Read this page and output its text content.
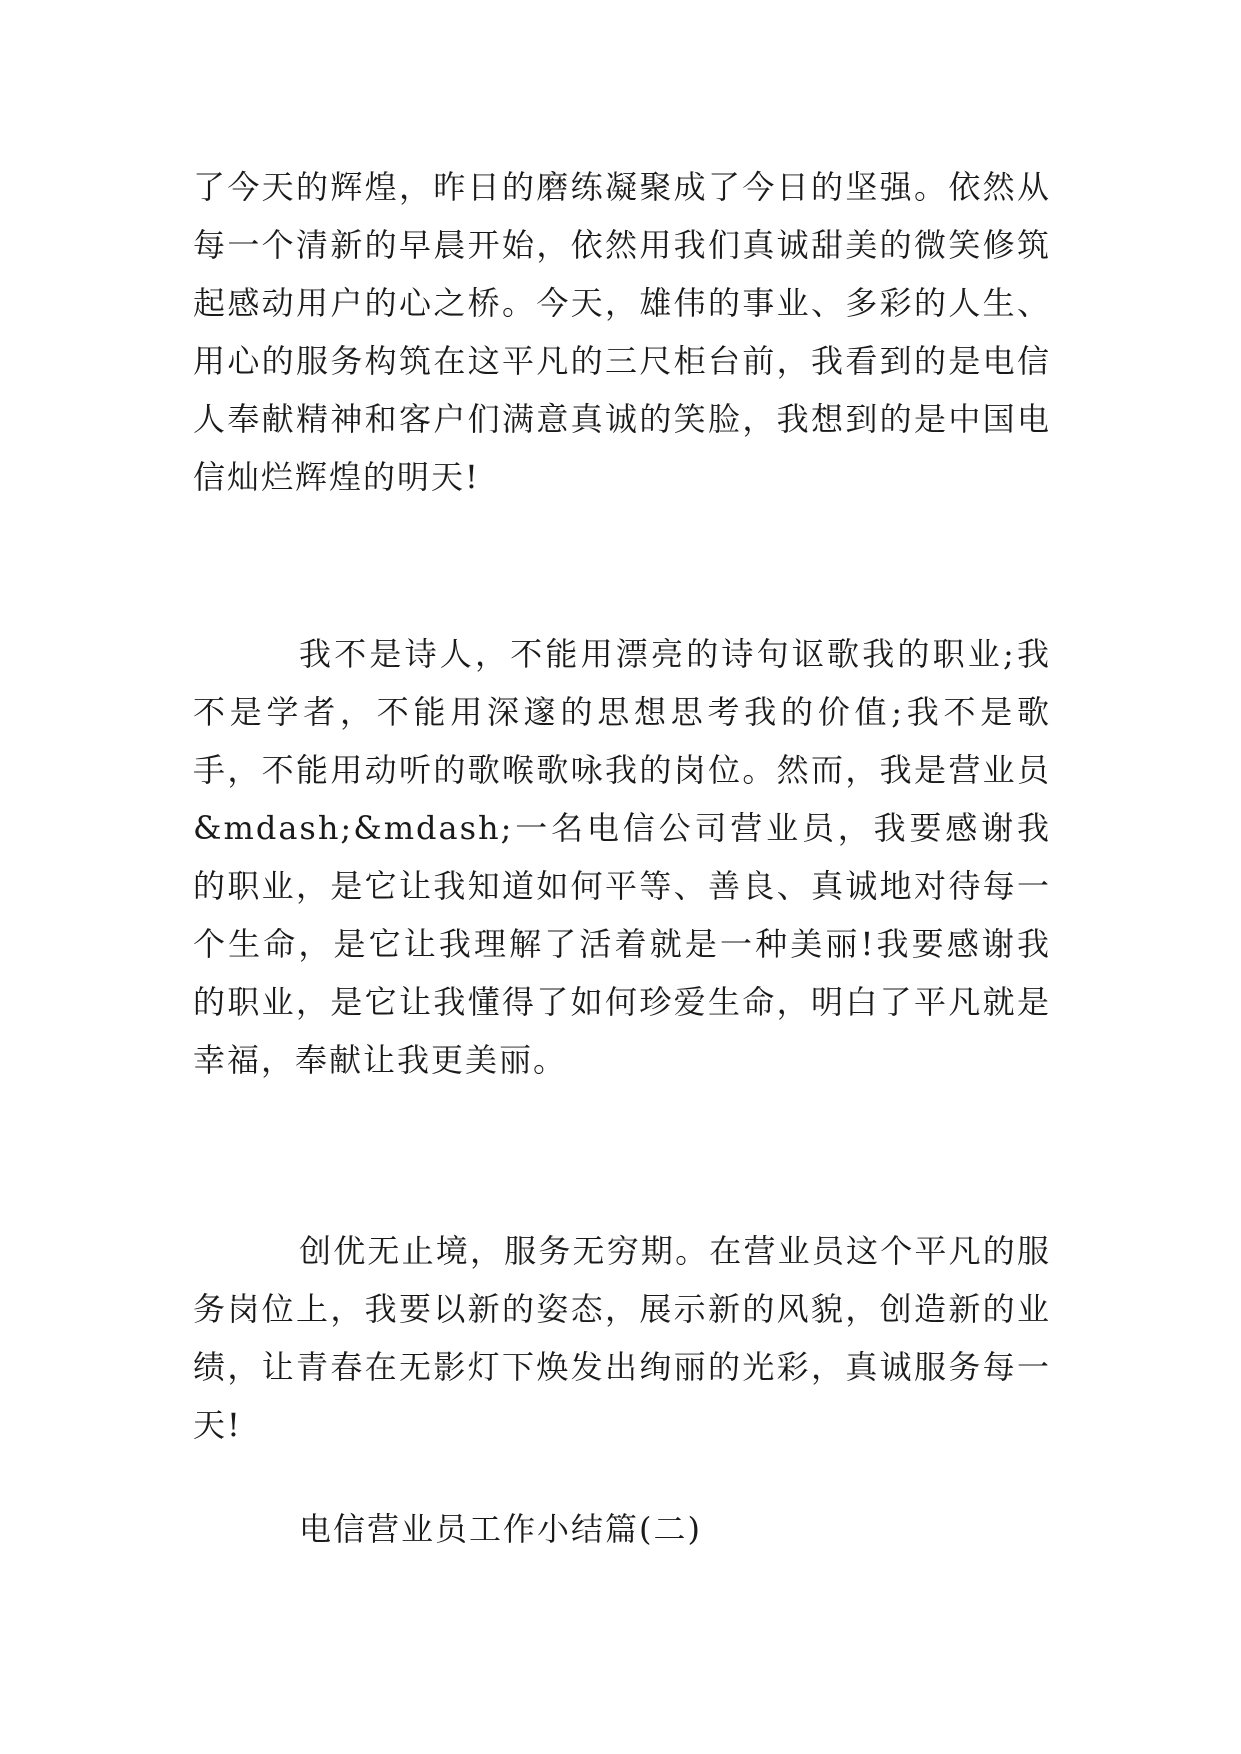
了今天的辉煌，昨日的磨练凝聚成了今日的坚强。依然从每一个清新的早晨开始，依然用我们真诚甜美的微笑修筑起感动用户的心之桥。今天，雄伟的事业、多彩的人生、用心的服务构筑在这平凡的三尺柜台前，我看到的是电信人奉献精神和客户们满意真诚的笑脸，我想到的是中国电信灿烂辉煌的明天!

我不是诗人，不能用漂亮的诗句讴歌我的职业;我不是学者，不能用深邃的思想思考我的价值;我不是歌手，不能用动听的歌喉歌咏我的岗位。然而，我是营业员&mdash;&mdash;一名电信公司营业员，我要感谢我的职业，是它让我知道如何平等、善良、真诚地对待每一个生命，是它让我理解了活着就是一种美丽!我要感谢我的职业，是它让我懂得了如何珍爱生命，明白了平凡就是幸福，奉献让我更美丽。

创优无止境，服务无穷期。在营业员这个平凡的服务岗位上，我要以新的姿态，展示新的风貌，创造新的业绩，让青春在无影灯下焕发出绚丽的光彩，真诚服务每一天!

电信营业员工作小结篇(二)
